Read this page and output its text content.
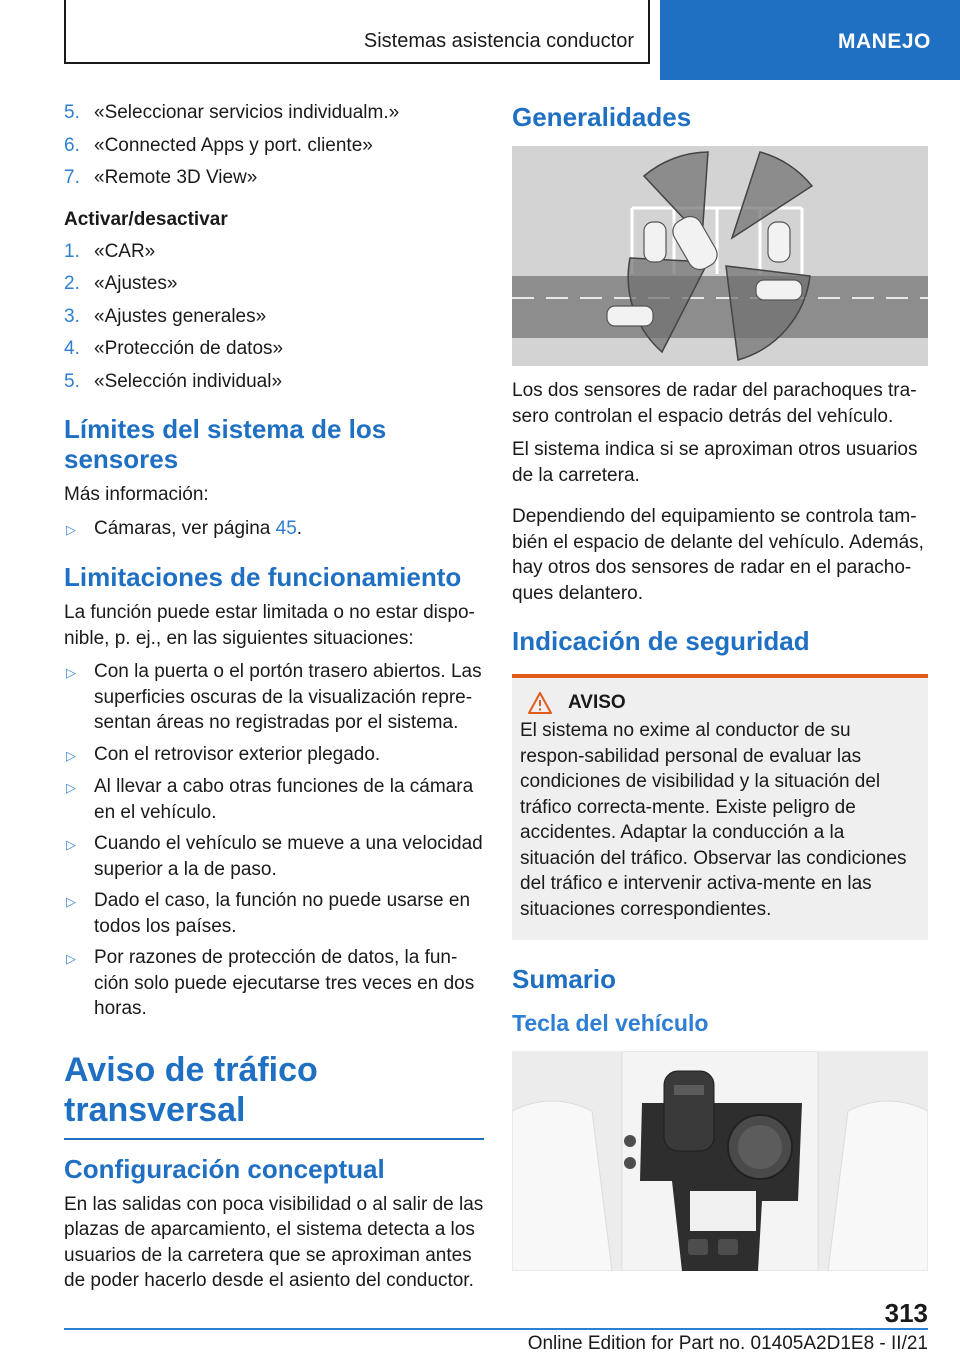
Sistemas asistencia conductor	MANEJO
5. «Seleccionar servicios individualm.»
6. «Connected Apps y port. cliente»
7. «Remote 3D View»
Activar/desactivar
1. «CAR»
2. «Ajustes»
3. «Ajustes generales»
4. «Protección de datos»
5. «Selección individual»
Límites del sistema de los sensores

Más información:

▷ Cámaras, ver página 45.
Limitaciones de funcionamiento

La función puede estar limitada o no estar dispo‐nible, p. ej., en las siguientes situaciones:

▷ Con la puerta o el portón trasero abiertos. Las superficies oscuras de la visualización repre‐sentan áreas no registradas por el sistema.
▷ Con el retrovisor exterior plegado.
▷ Al llevar a cabo otras funciones de la cámara en el vehículo.
▷ Cuando el vehículo se mueve a una velocidad superior a la de paso.
▷ Dado el caso, la función no puede usarse en todos los países.
▷ Por razones de protección de datos, la fun‐ción solo puede ejecutarse tres veces en dos horas.
Aviso de tráfico transversal
Configuración conceptual

En las salidas con poca visibilidad o al salir de las plazas de aparcamiento, el sistema detecta a los usuarios de la carretera que se aproximan antes de poder hacerlo desde el asiento del conductor.

Generalidades

Los dos sensores de radar del parachoques tra‐sero controlan el espacio detrás del vehículo.

El sistema indica si se aproximan otros usuarios de la carretera.

Dependiendo del equipamiento se controla tam‐bién el espacio de delante del vehículo. Además, hay otros dos sensores de radar en el paracho‐ques delantero.

Indicación de seguridad
AVISO

El sistema no exime al conductor de su respon‐sabilidad personal de evaluar las condiciones de visibilidad y la situación del tráfico correcta‐mente. Existe peligro de accidentes. Adaptar la conducción a la situación del tráfico. Observar las condiciones del tráfico e intervenir activa‐mente en las situaciones correspondientes.

Sumario
Tecla del vehículo
313
Online Edition for Part no. 01405A2D1E8 - II/21
